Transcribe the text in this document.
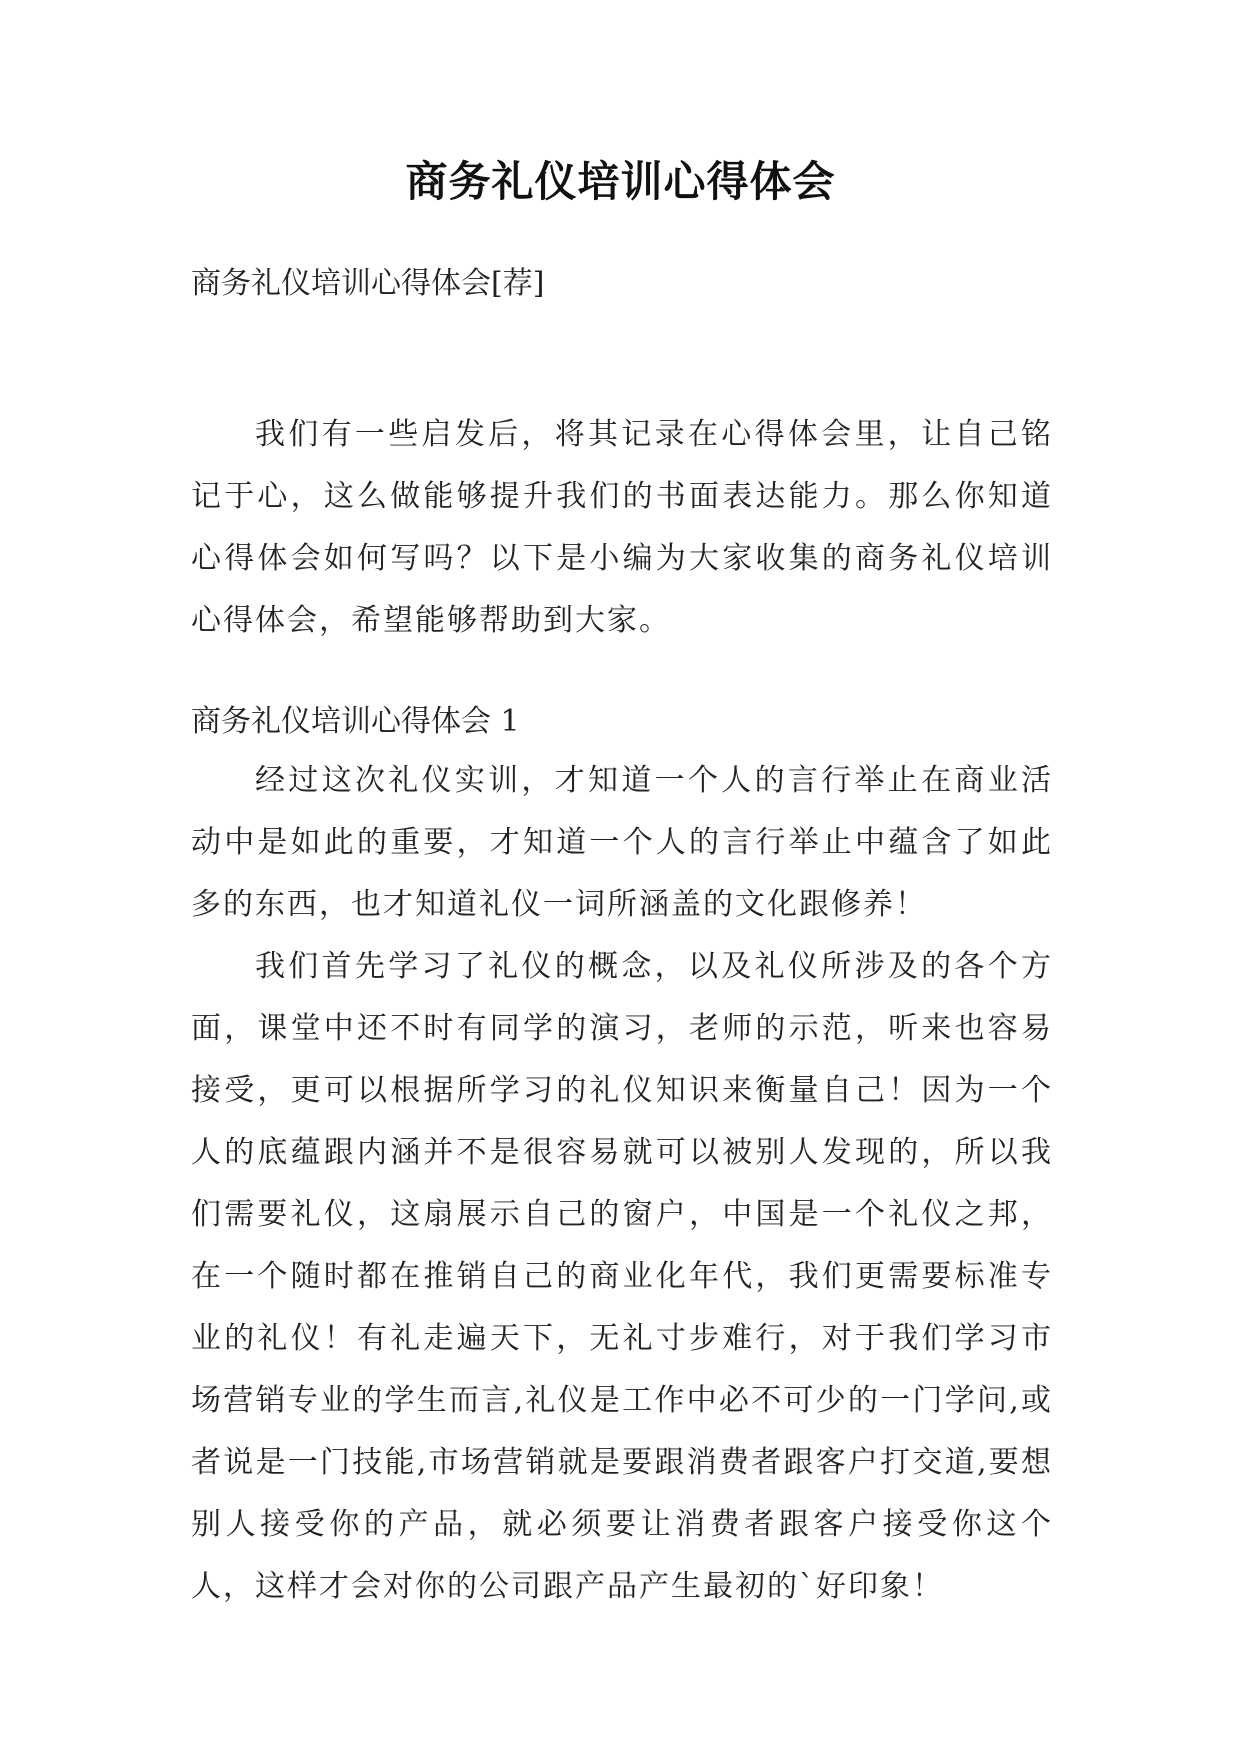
商务礼仪培训心得体会
商务礼仪培训心得体会[荐]

我们有一些启发后，将其记录在心得体会里，让自己铭记于心，这么做能够提升我们的书面表达能力。那么你知道心得体会如何写吗？以下是小编为大家收集的商务礼仪培训心得体会，希望能够帮助到大家。

商务礼仪培训心得体会 1

经过这次礼仪实训，才知道一个人的言行举止在商业活动中是如此的重要，才知道一个人的言行举止中蕴含了如此多的东西，也才知道礼仪一词所涵盖的文化跟修养！

我们首先学习了礼仪的概念，以及礼仪所涉及的各个方面，课堂中还不时有同学的演习，老师的示范，听来也容易接受，更可以根据所学习的礼仪知识来衡量自己！因为一个人的底蕴跟内涵并不是很容易就可以被别人发现的，所以我们需要礼仪，这扇展示自己的窗户，中国是一个礼仪之邦，在一个随时都在推销自己的商业化年代，我们更需要标准专业的礼仪！有礼走遍天下，无礼寸步难行，对于我们学习市场营销专业的学生而言,礼仪是工作中必不可少的一门学问,或者说是一门技能,市场营销就是要跟消费者跟客户打交道,要想别人接受你的产品，就必须要让消费者跟客户接受你这个人，这样才会对你的公司跟产品产生最初的`好印象！
